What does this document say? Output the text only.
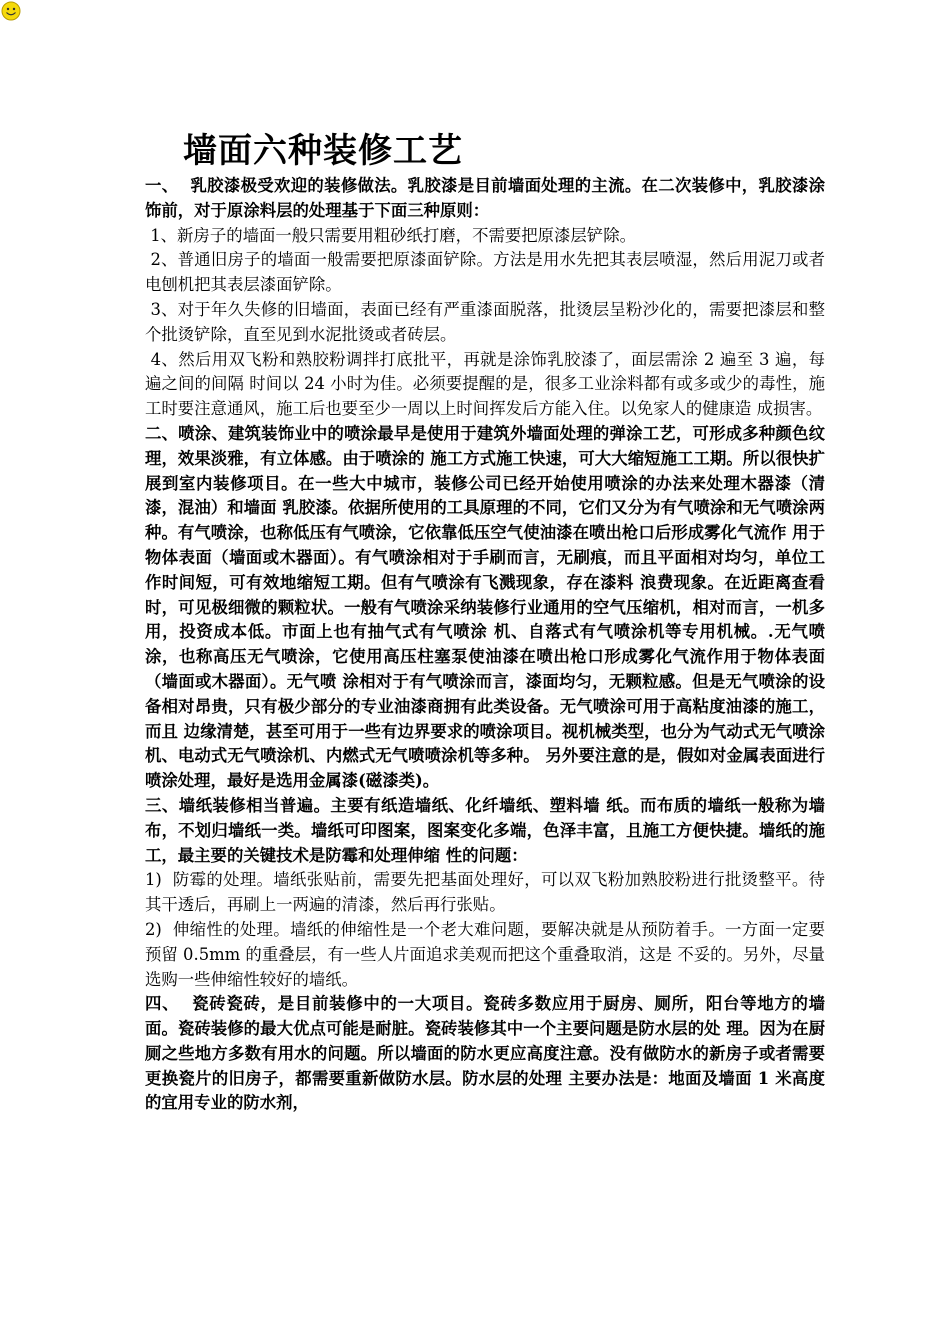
墙面六种装修工艺

一、  乳胶漆极受欢迎的装修做法。乳胶漆是目前墙面处理的主流。在二次装修中，乳胶漆涂饰前，对于原涂料层的处理基于下面三种原则：

1、新房子的墙面一般只需要用粗砂纸打磨，不需要把原漆层铲除。

2、普通旧房子的墙面一般需要把原漆面铲除。方法是用水先把其表层喷湿，然后用泥刀或者电刨机把其表层漆面铲除。

3、对于年久失修的旧墙面，表面已经有严重漆面脱落，批烫层呈粉沙化的，需要把漆层和整个批烫铲除，直至见到水泥批烫或者砖层。

4、然后用双飞粉和熟胶粉调拌打底批平，再就是涂饰乳胶漆了，面层需涂 2 遍至 3 遍，每遍之间的间隔 时间以 24 小时为佳。必须要提醒的是，很多工业涂料都有或多或少的毒性，施工时要注意通风，施工后也要至少一周以上时间挥发后方能入住。以免家人的健康造 成损害。

二、喷涂、建筑装饰业中的喷涂最早是使用于建筑外墙面处理的弹涂工艺，可形成多种颜色纹理，效果淡雅，有立体感。由于喷涂的 施工方式施工快速，可大大缩短施工工期。所以很快扩展到室内装修项目。在一些大中城市，装修公司已经开始使用喷涂的办法来处理木器漆（清漆，混油）和墙面 乳胶漆。依据所使用的工具原理的不同，它们又分为有气喷涂和无气喷涂两种。有气喷涂，也称低压有气喷涂，它依靠低压空气使油漆在喷出枪口后形成雾化气流作 用于物体表面（墙面或木器面）。有气喷涂相对于手刷而言，无刷痕，而且平面相对均匀，单位工作时间短，可有效地缩短工期。但有气喷涂有飞溅现象，存在漆料 浪费现象。在近距离查看时，可见极细微的颗粒状。一般有气喷涂采纳装修行业通用的空气压缩机，相对而言，一机多用，投资成本低。市面上也有抽气式有气喷涂 机、自落式有气喷涂机等专用机械。.无气喷涂，也称高压无气喷涂，它使用高压柱塞泵使油漆在喷出枪口形成雾化气流作用于物体表面（墙面或木器面）。无气喷 涂相对于有气喷涂而言，漆面均匀，无颗粒感。但是无气喷涂的设备相对昂贵，只有极少部分的专业油漆商拥有此类设备。无气喷涂可用于高粘度油漆的施工，而且 边缘清楚，甚至可用于一些有边界要求的喷涂项目。视机械类型，也分为气动式无气喷涂机、电动式无气喷涂机、内燃式无气喷喷涂机等多种。 另外要注意的是，假如对金属表面进行喷涂处理，最好是选用金属漆(磁漆类)。

三、墙纸装修相当普遍。主要有纸造墙纸、化纤墙纸、塑料墙 纸。而布质的墙纸一般称为墙布，不划归墙纸一类。墙纸可印图案，图案变化多端，色泽丰富，且施工方便快捷。墙纸的施工，最主要的关键技术是防霉和处理伸缩 性的问题：

1)  防霉的处理。墙纸张贴前，需要先把基面处理好，可以双飞粉加熟胶粉进行批烫整平。待其干透后，再刷上一两遍的清漆，然后再行张贴。

2)  伸缩性的处理。墙纸的伸缩性是一个老大难问题，要解决就是从预防着手。一方面一定要预留 0.5mm 的重叠层，有一些人片面追求美观而把这个重叠取消，这是 不妥的。另外，尽量选购一些伸缩性较好的墙纸。

四、  瓷砖瓷砖，是目前装修中的一大项目。瓷砖多数应用于厨房、厕所，阳台等地方的墙面。瓷砖装修的最大优点可能是耐脏。瓷砖装修其中一个主要问题是防水层的处 理。因为在厨厕之些地方多数有用水的问题。所以墙面的防水更应高度注意。没有做防水的新房子或者需要更换瓷片的旧房子，都需要重新做防水层。防水层的处理 主要办法是：地面及墙面 1 米高度的宜用专业的防水剂，
